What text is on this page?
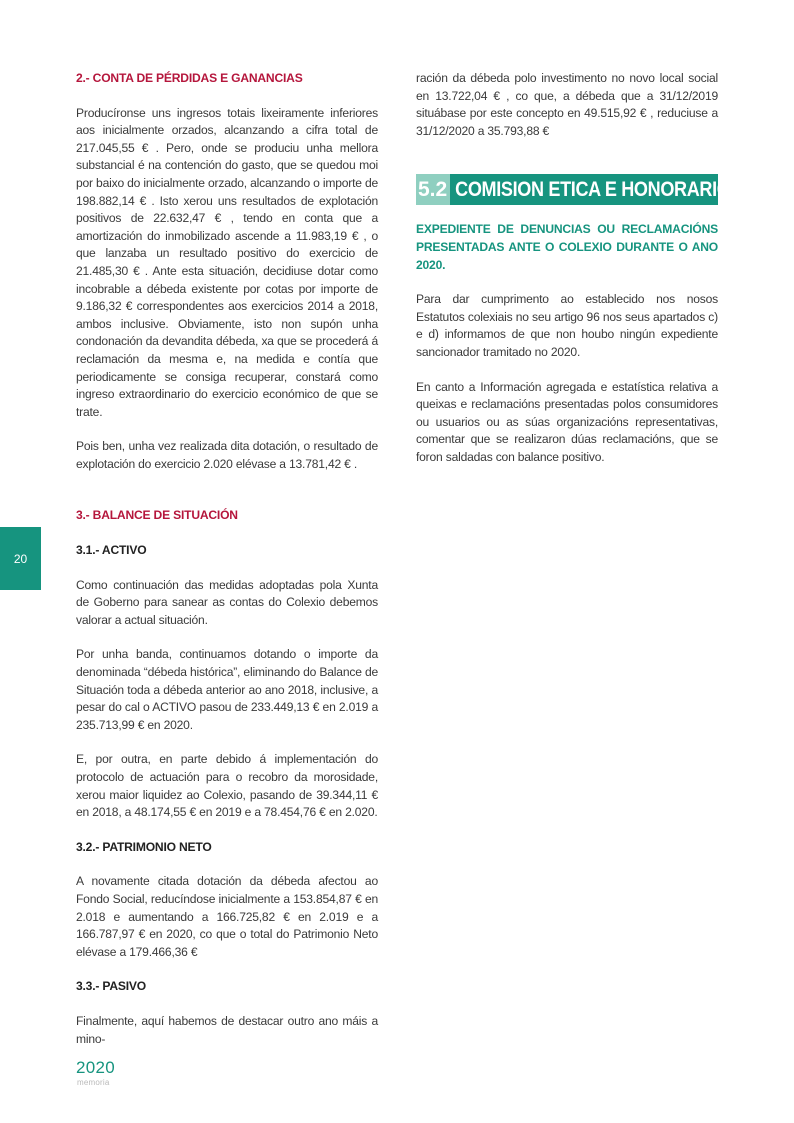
2.- CONTA DE PÉRDIDAS E GANANCIAS

Producíronse uns ingresos totais lixeiramente inferiores aos inicialmente orzados, alcanzando a cifra total de 217.045,55 € . Pero, onde se produciu unha mellora substancial é na contención do gasto, que se quedou moi por baixo do inicialmente orzado, alcanzando o importe de 198.882,14 € . Isto xerou uns resultados de explotación positivos de 22.632,47 € , tendo en conta que a amortización do inmobilizado ascende a 11.983,19 € , o que lanzaba un resultado positivo do exercicio de 21.485,30 € . Ante esta situación, decidiuse dotar como incobrable a débeda existente por cotas por importe de 9.186,32 € correspondentes aos exercicios 2014 a 2018, ambos inclusive. Obviamente, isto non supón unha condonación da devandita débeda, xa que se procederá á reclamación da mesma e, na medida e contía que periodicamente se consiga recuperar, constará como ingreso extraordinario do exercicio económico de que se trate.

Pois ben, unha vez realizada dita dotación, o resultado de explotación do exercicio 2.020 elévase a 13.781,42 € .

3.- BALANCE DE SITUACIÓN
3.1.- ACTIVO

Como continuación das medidas adoptadas pola Xunta de Goberno para sanear as contas do Colexio debemos valorar a actual situación.

Por unha banda, continuamos dotando o importe da denominada “débeda histórica”, eliminando do Balance de Situación toda a débeda anterior ao ano 2018, inclusive, a pesar do cal o ACTIVO pasou de 233.449,13 € en 2.019 a 235.713,99 € en 2020.

E, por outra, en parte debido á implementación do protocolo de actuación para o recobro da morosidade, xerou maior liquidez ao Colexio, pasando de 39.344,11 € en 2018, a 48.174,55 € en 2019 e a 78.454,76 € en 2.020.

3.2.- PATRIMONIO NETO

A novamente citada dotación da débeda afectou ao Fondo Social, reducíndose inicialmente a 153.854,87 € en 2.018 e aumentando a 166.725,82 € en 2.019 e a 166.787,97 € en 2020, co que o total do Patrimonio Neto elévase a 179.466,36 €

3.3.- PASIVO

Finalmente, aquí habemos de destacar outro ano máis a mino-

ración da débeda polo investimento no novo local social en 13.722,04 € , co que, a débeda que a 31/12/2019 situábase por este concepto en 49.515,92 € , reduciuse a 31/12/2020 a 35.793,88 €

5.2 COMISION ETICA E HONORARIOS
EXPEDIENTE DE DENUNCIAS OU RECLAMACIÓNS PRESENTADAS ANTE O COLEXIO DURANTE O ANO 2020.

Para dar cumprimento ao establecido nos nosos Estatutos colexiais no seu artigo 96 nos seus apartados c) e d) informamos de que non houbo ningún expediente sancionador tramitado no 2020.

En canto a Información agregada e estatística relativa a queixas e reclamacións presentadas polos consumidores ou usuarios ou as súas organizacións representativas, comentar que se realizaron dúas reclamacións, que se foron saldadas con balance positivo.

20
2020
memoria
